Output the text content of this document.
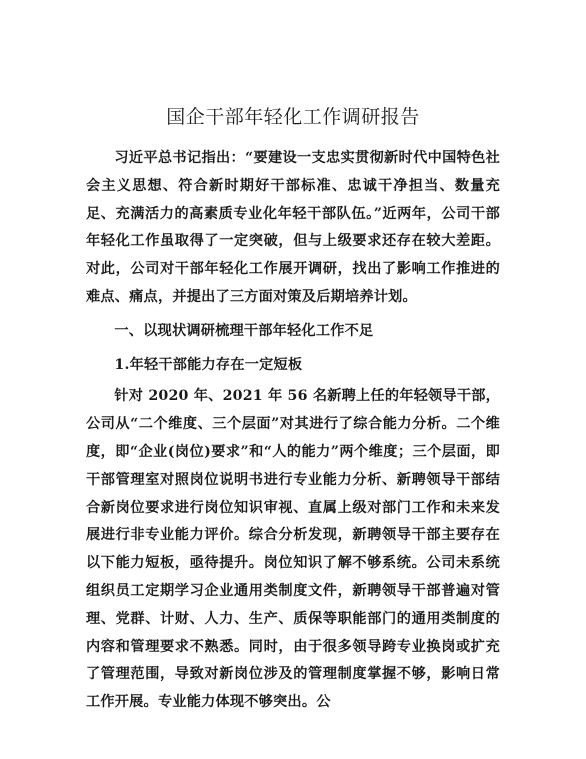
国企干部年轻化工作调研报告

习近平总书记指出：“要建设一支忠实贯彻新时代中国特色社会主义思想、符合新时期好干部标准、忠诚干净担当、数量充足、充满活力的高素质专业化年轻干部队伍。”近两年，公司干部年轻化工作虽取得了一定突破，但与上级要求还存在较大差距。对此，公司对干部年轻化工作展开调研，找出了影响工作推进的难点、痛点，并提出了三方面对策及后期培养计划。

一、以现状调研梳理干部年轻化工作不足

1.年轻干部能力存在一定短板

针对 2020 年、2021 年 56 名新聘上任的年轻领导干部，公司从“二个维度、三个层面”对其进行了综合能力分析。二个维度，即“企业(岗位)要求”和“人的能力”两个维度；三个层面，即干部管理室对照岗位说明书进行专业能力分析、新聘领导干部结合新岗位要求进行岗位知识审视、直属上级对部门工作和未来发展进行非专业能力评价。综合分析发现，新聘领导干部主要存在以下能力短板，亟待提升。岗位知识了解不够系统。公司未系统组织员工定期学习企业通用类制度文件，新聘领导干部普遍对管理、党群、计财、人力、生产、质保等职能部门的通用类制度的内容和管理要求不熟悉。同时，由于很多领导跨专业换岗或扩充了管理范围，导致对新岗位涉及的管理制度掌握不够，影响日常工作开展。专业能力体现不够突出。公
